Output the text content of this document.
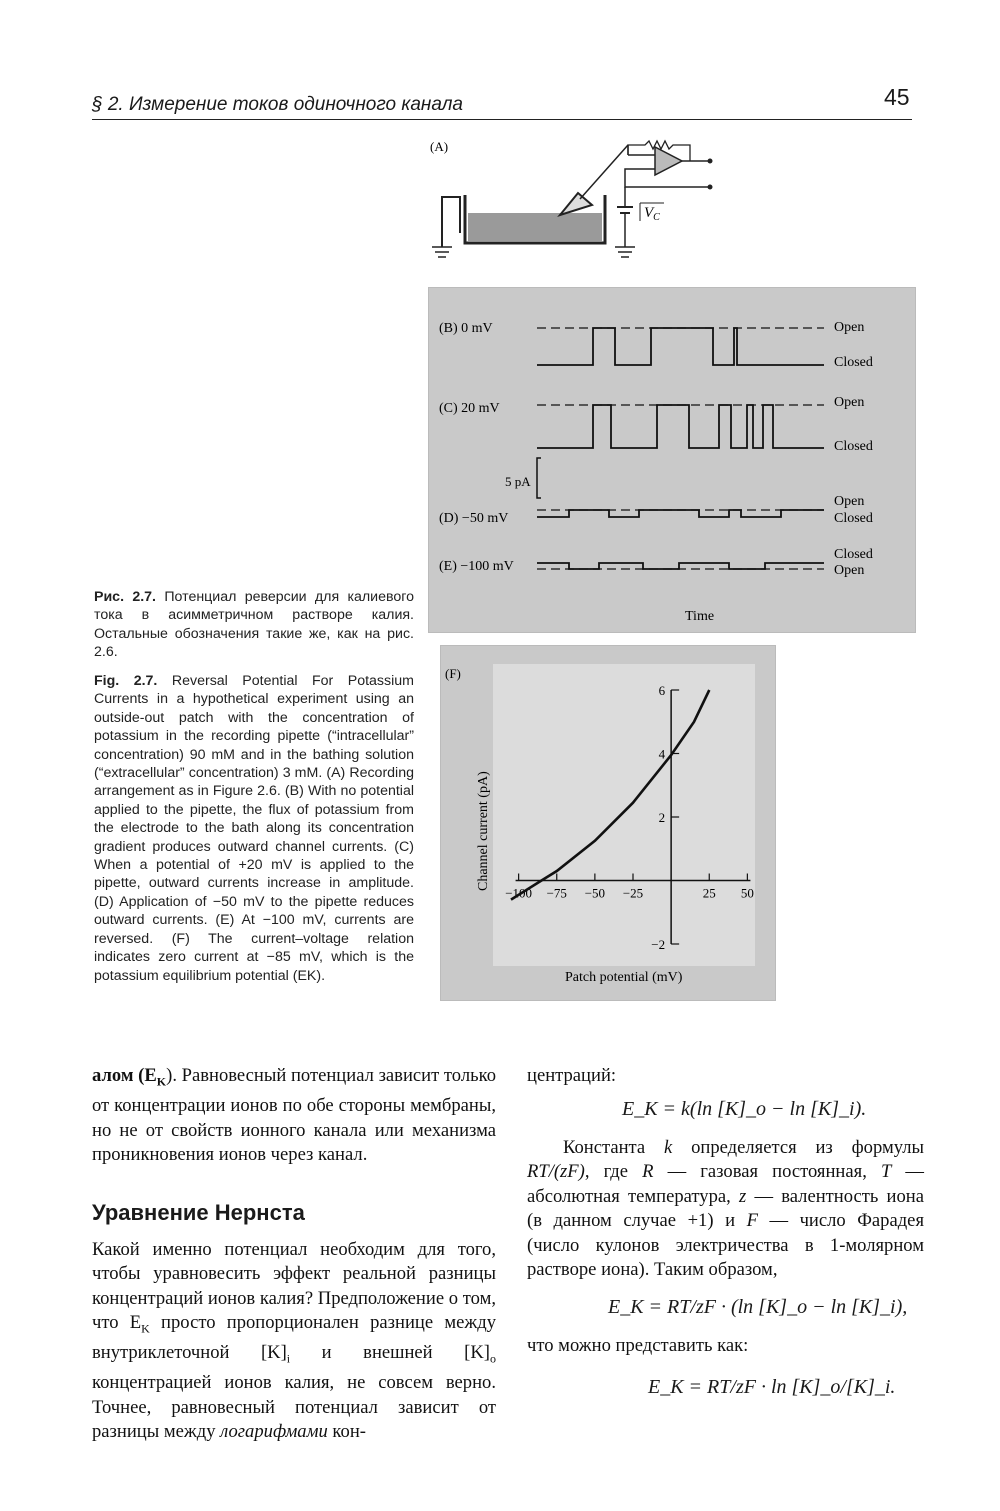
§ 2. Измерение токов одиночного канала	45
(A)
$V_C$
(B) 0 mV
(C) 20 mV
(D) −50 mV
(E) −100 mV
5 pA
Open
Closed
Open
Closed
Open
Closed
Closed
Open
Time
(F)
Channel current (pA)
Patch potential (mV)
−100 −75 −50 −25	25 50
6
4
2
−2
Рис. 2.7. Потенциал реверсии для калиевого тока в асимметричном растворе калия. Остальные обозначения такие же, как на рис. 2.6.
Fig. 2.7. Reversal Potential For Potassium Currents in a hypothetical experiment using an outside-out patch with the concentration of potassium in the recording pipette (“intracellular” concentration) 90 mM and in the bathing solution (“extracellular” concentration) 3 mM. (A) Recording arrangement as in Figure 2.6. (B) With no potential applied to the pipette, the flux of potassium from the electrode to the bath along its concentration gradient produces outward channel currents. (C) When a potential of +20 mV is applied to the pipette, outward currents increase in amplitude. (D) Application of −50 mV to the pipette reduces outward currents. (E) At −100 mV, currents are reversed. (F) The current–voltage relation indicates zero current at −85 mV, which is the potassium equilibrium potential (EK).
алом $(E_K)$. Равновесный потенциал зависит только от концентрации ионов по обе стороны мембраны, но не от свойств ионного канала или механизма проникновения ионов через канал.
Уравнение Нернста
Какой именно потенциал необходим для того, чтобы уравновесить эффект реальной разницы концентраций ионов калия? Предположение о том, что $E_K$ просто пропорционален разнице между внутриклеточной $[K]_i$ и внешней $[K]_o$ концентрацией ионов калия, не совсем верно. Точнее, равновесный потенциал зависит от разницы между логарифмами кон-
центраций:
E_K = k(ln [K]_o − ln [K]_i).
Константа k определяется из формулы RT/(zF), где R — газовая постоянная, T — абсолютная температура, z — валентность иона (в данном случае +1) и F — число Фарадея (число кулонов электричества в 1-молярном растворе иона). Таким образом,
E_K = RT/zF · (ln [K]_o − ln [K]_i),
что можно представить как:
E_K = RT/zF · ln [K]_o/[K]_i.
